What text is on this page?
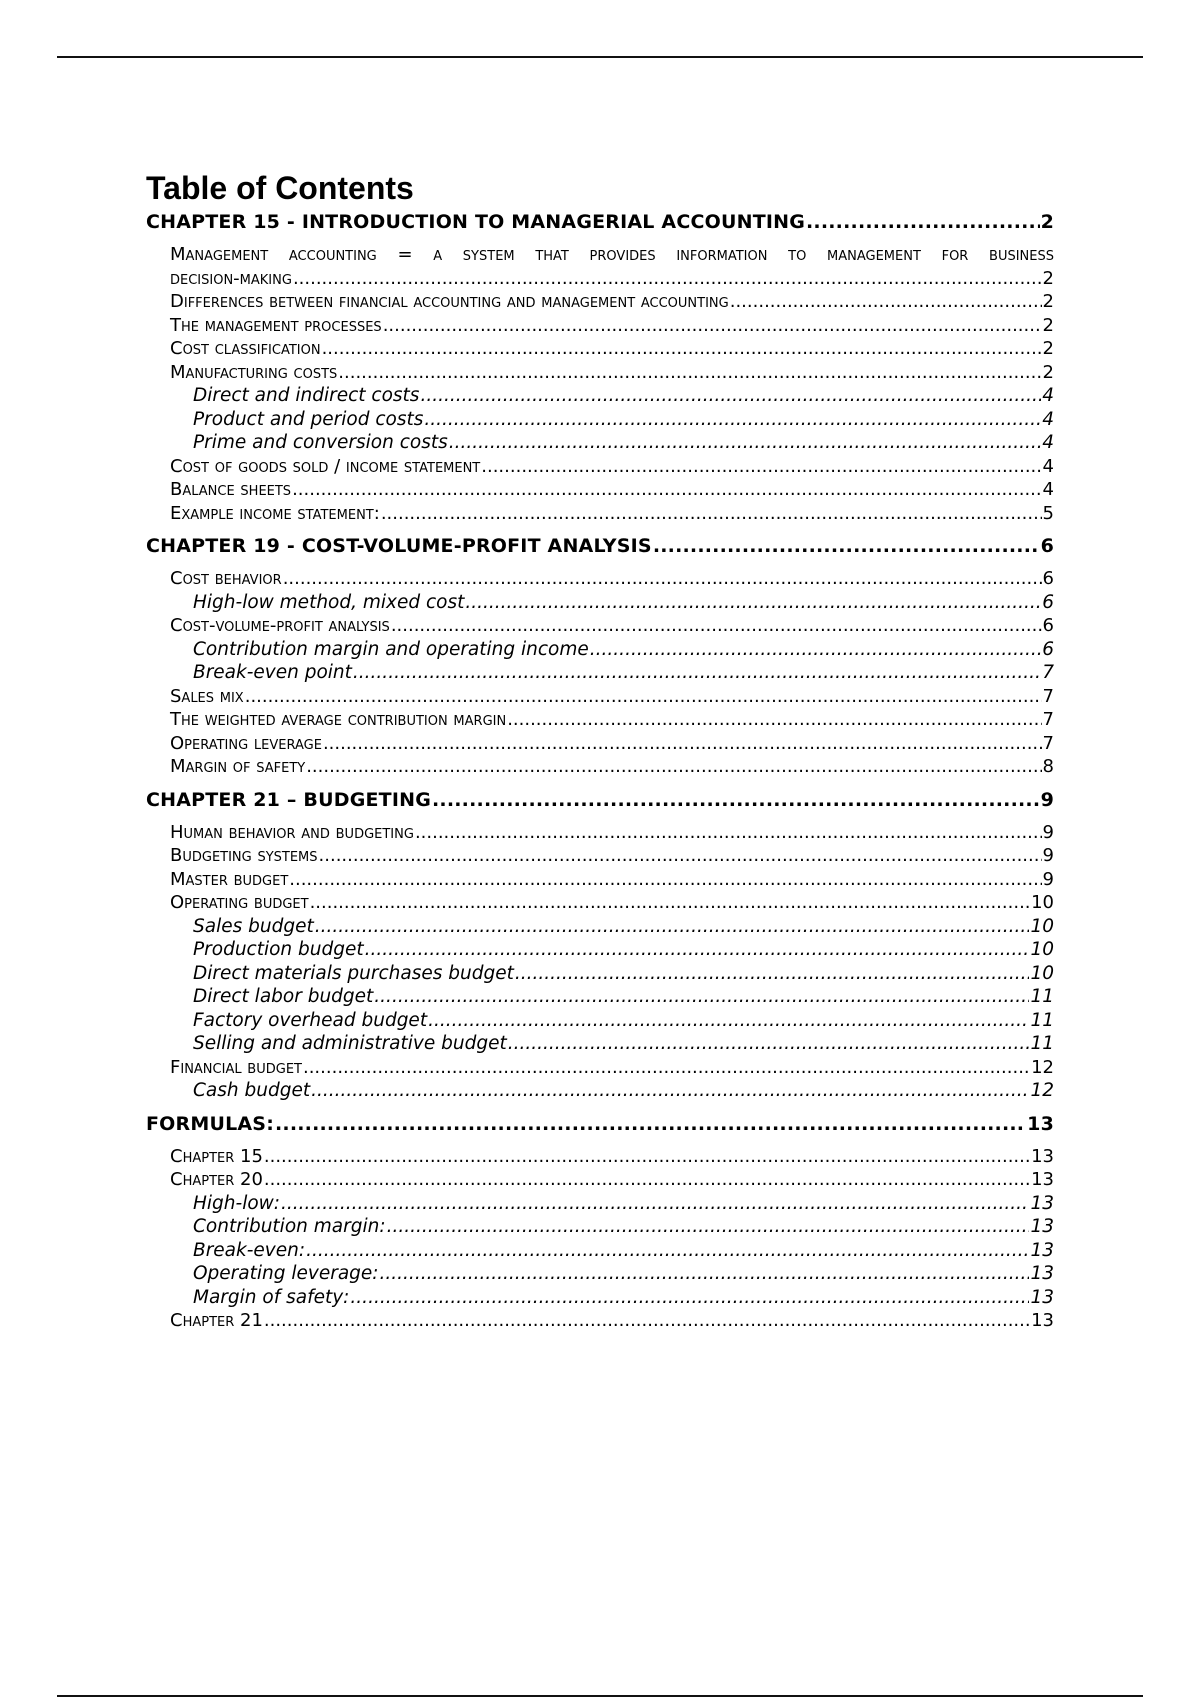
Table of Contents
CHAPTER 15 - INTRODUCTION TO MANAGERIAL ACCOUNTING .....	2
Management accounting = a system that provides information to management for business
decision-making .....	2
Differences between financial accounting and management accounting .....	2
The management processes .....	2
Cost classification .....	2
Manufacturing costs .....	2
Direct and indirect costs .....	4
Product and period costs .....	4
Prime and conversion costs .....	4
Cost of goods sold / income statement .....	4
Balance sheets .....	4
Example income statement: .....	5
CHAPTER 19 - COST-VOLUME-PROFIT ANALYSIS .....	6
Cost behavior .....	6
High-low method, mixed cost .....	6
Cost-volume-profit analysis .....	6
Contribution margin and operating income .....	6
Break-even point .....	7
Sales mix .....	7
The weighted average contribution margin .....	7
Operating leverage .....	7
Margin of safety .....	8
CHAPTER 21 – BUDGETING .....	9
Human behavior and budgeting .....	9
Budgeting systems .....	9
Master budget .....	9
Operating budget .....	10
Sales budget .....	10
Production budget .....	10
Direct materials purchases budget .....	10
Direct labor budget .....	11
Factory overhead budget .....	11
Selling and administrative budget .....	11
Financial budget .....	12
Cash budget .....	12
FORMULAS: .....	13
Chapter 15 .....	13
Chapter 20 .....	13
High-low: .....	13
Contribution margin: .....	13
Break-even: .....	13
Operating leverage: .....	13
Margin of safety: .....	13
Chapter 21 .....	13
